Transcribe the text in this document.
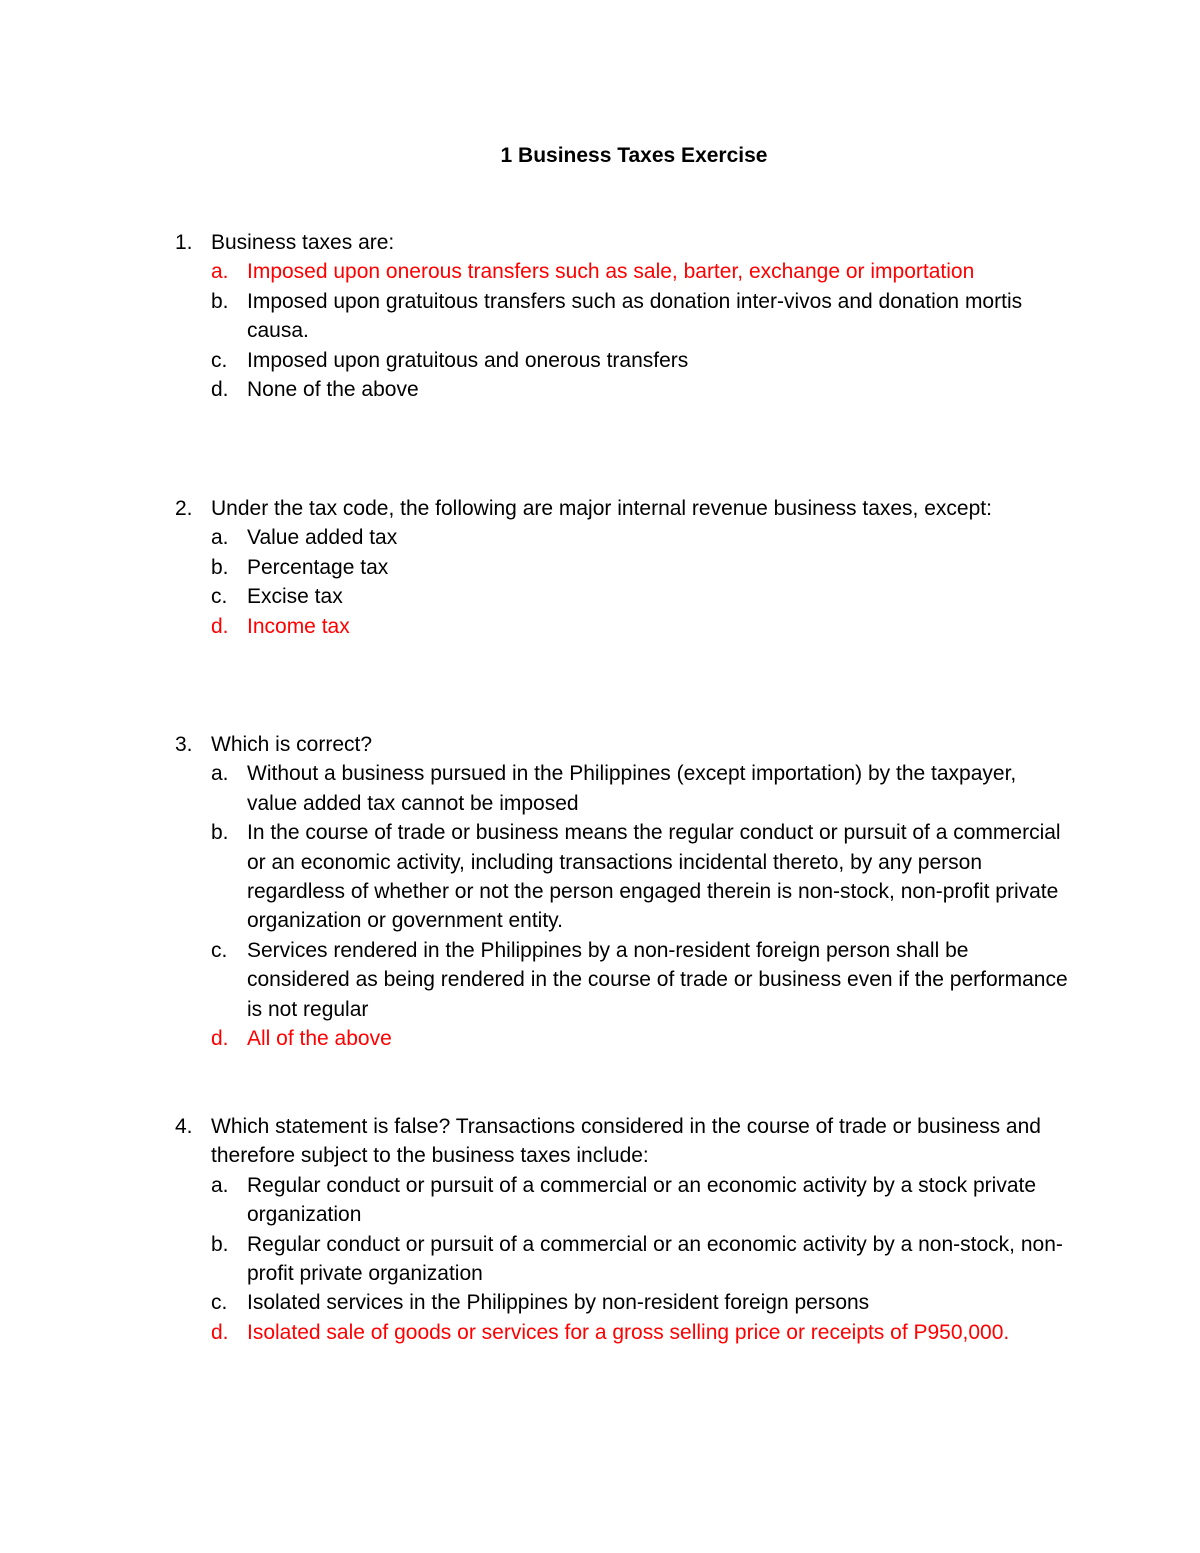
1 Business Taxes Exercise
1. Business taxes are:
a. Imposed upon onerous transfers such as sale, barter, exchange or importation
b. Imposed upon gratuitous transfers such as donation inter-vivos and donation mortis causa.
c. Imposed upon gratuitous and onerous transfers
d. None of the above
2. Under the tax code, the following are major internal revenue business taxes, except:
a. Value added tax
b. Percentage tax
c. Excise tax
d. Income tax
3. Which is correct?
a. Without a business pursued in the Philippines (except importation) by the taxpayer, value added tax cannot be imposed
b. In the course of trade or business means the regular conduct or pursuit of a commercial or an economic activity, including transactions incidental thereto, by any person regardless of whether or not the person engaged therein is non-stock, non-profit private organization or government entity.
c. Services rendered in the Philippines by a non-resident foreign person shall be considered as being rendered in the course of trade or business even if the performance is not regular
d. All of the above
4. Which statement is false? Transactions considered in the course of trade or business and therefore subject to the business taxes include:
a. Regular conduct or pursuit of a commercial or an economic activity by a stock private organization
b. Regular conduct or pursuit of a commercial or an economic activity by a non-stock, non-profit private organization
c. Isolated services in the Philippines by non-resident foreign persons
d. Isolated sale of goods or services for a gross selling price or receipts of P950,000.
